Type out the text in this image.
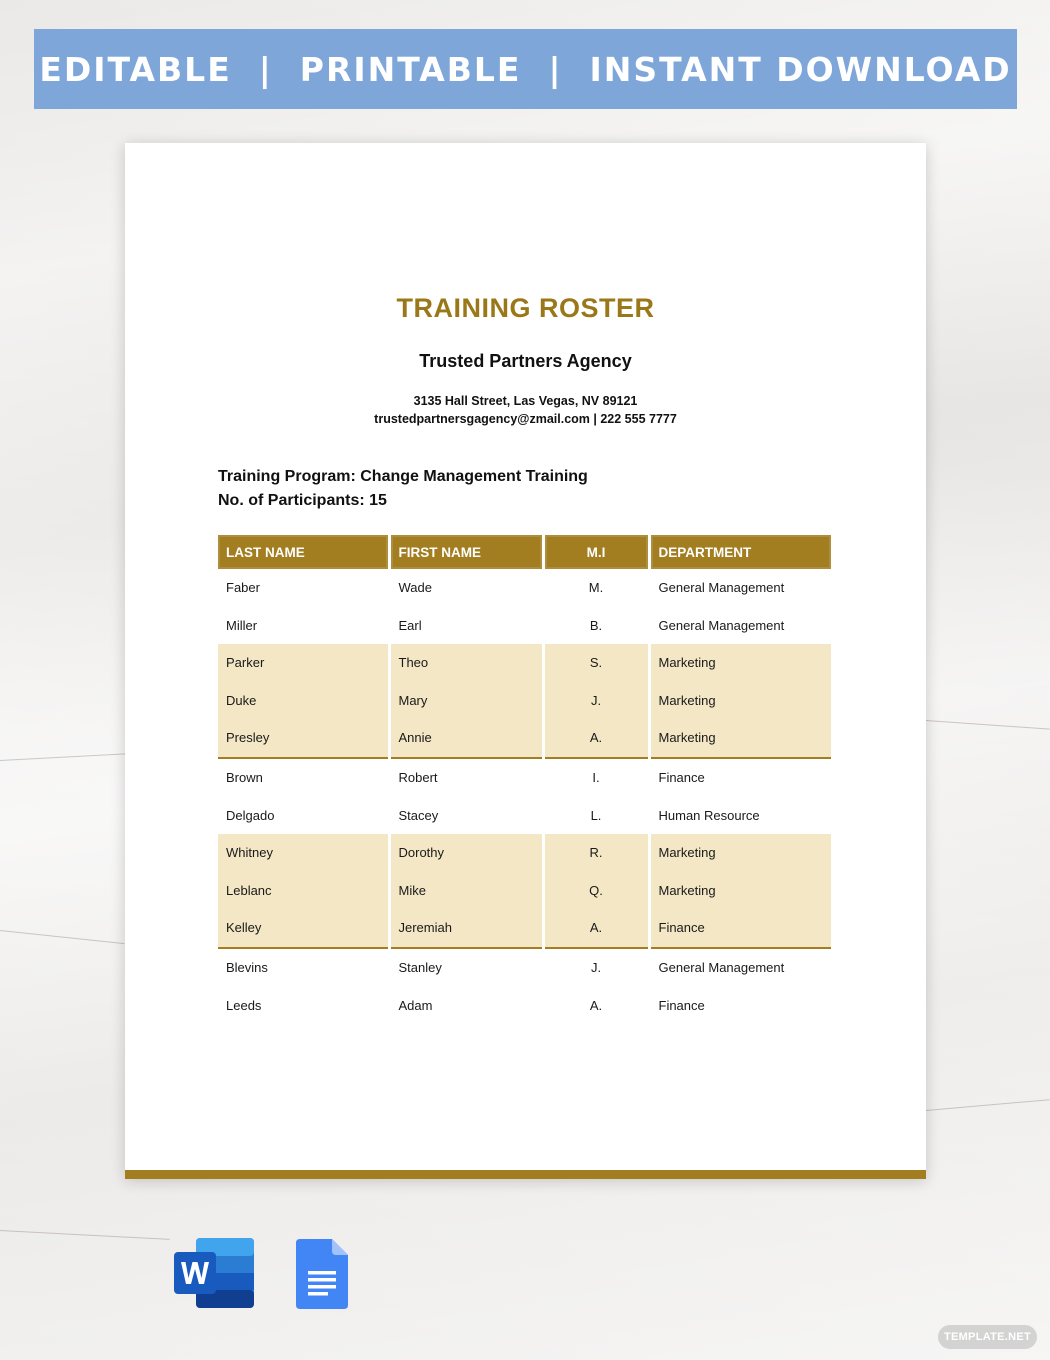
EDITABLE  |  PRINTABLE  |  INSTANT DOWNLOAD
TRAINING ROSTER
Trusted Partners Agency
3135 Hall Street, Las Vegas, NV 89121
trustedpartnersgagency@zmail.com | 222 555 7777
Training Program: Change Management Training
No. of Participants: 15
LAST NAME	FIRST NAME	M.I	DEPARTMENT
Faber	Wade	M.	General Management
Miller	Earl	B.	General Management
Parker	Theo	S.	Marketing
Duke	Mary	J.	Marketing
Presley	Annie	A.	Marketing
Brown	Robert	I.	Finance
Delgado	Stacey	L.	Human Resource
Whitney	Dorothy	R.	Marketing
Leblanc	Mike	Q.	Marketing
Kelley	Jeremiah	A.	Finance
Blevins	Stanley	J.	General Management
Leeds	Adam	A.	Finance
TEMPLATE.NET
